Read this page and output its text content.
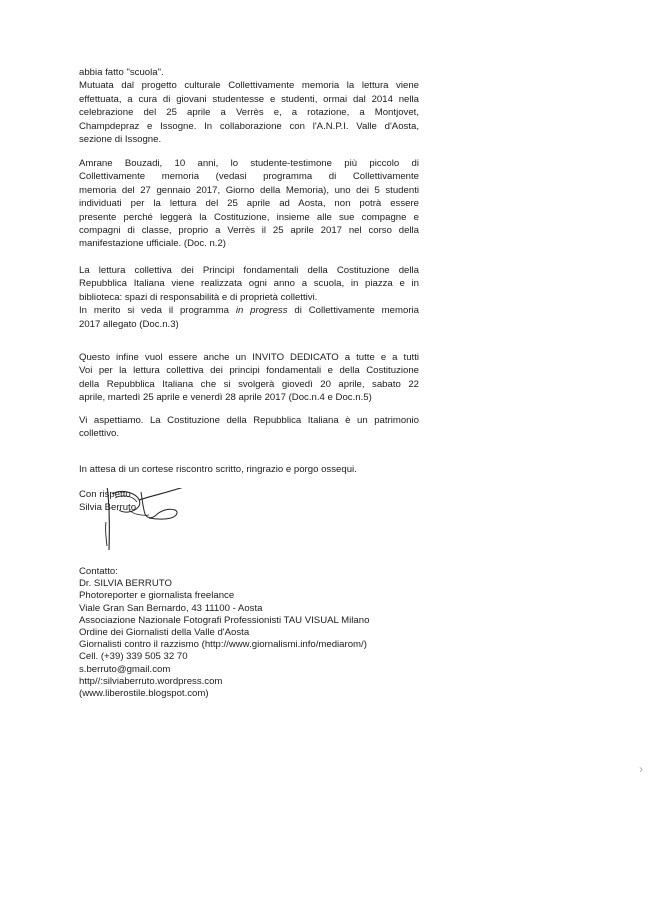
abbia fatto "scuola".
Mutuata dal progetto culturale Collettivamente memoria la lettura viene
effettuata, a cura di giovani studentesse e studenti, ormai dal 2014 nella
celebrazione del 25 aprile a Verrès e, a rotazione, a Montjovet,
Champdepraz e Issogne. In collaborazione con l'A.N.P.I. Valle d'Aosta,
sezione di Issogne.

Amrane Bouzadi, 10 anni, lo studente-testimone più piccolo di
Collettivamente memoria (vedasi programma di Collettivamente
memoria del 27 gennaio 2017, Giorno della Memoria), uno dei 5 studenti
individuati per la lettura del 25 aprile ad Aosta, non potrà essere
presente perché leggerà la Costituzione, insieme alle sue compagne e
compagni di classe, proprio a Verrès il 25 aprile 2017 nel corso della
manifestazione ufficiale. (Doc. n.2)

La lettura collettiva dei Principi fondamentali della Costituzione della
Repubblica Italiana viene realizzata ogni anno a scuola, in piazza e in
biblioteca: spazi di responsabilità e di proprietà collettivi.
In merito si veda il programma in progress di Collettivamente memoria
2017 allegato (Doc.n.3)

Questo infine vuol essere anche un INVITO DEDICATO a tutte e a tutti
Voi per la lettura collettiva dei principi fondamentali e della Costituzione
della Repubblica Italiana che si svolgerà giovedì 20 aprile, sabato 22
aprile, martedì 25 aprile e venerdì 28 aprile 2017 (Doc.n.4 e Doc.n.5)

Vi aspettiamo. La Costituzione della Repubblica Italiana è un patrimonio
collettivo.

In attesa di un cortese riscontro scritto, ringrazio e porgo ossequi.

Con rispetto
Silvia Berruto
Contatto:
Dr. SILVIA BERRUTO
Photoreporter e giornalista freelance
Viale Gran San Bernardo, 43 11100 - Aosta
Associazione Nazionale Fotografi Professionisti TAU VISUAL Milano
Ordine dei Giornalisti della Valle d'Aosta
Giornalisti contro il razzismo (http://www.giornalismi.info/mediarom/)
Cell. (+39) 339 505 32 70
s.berruto@gmail.com
http//:silviaberruto.wordpress.com
(www.liberostile.blogspot.com)
›
